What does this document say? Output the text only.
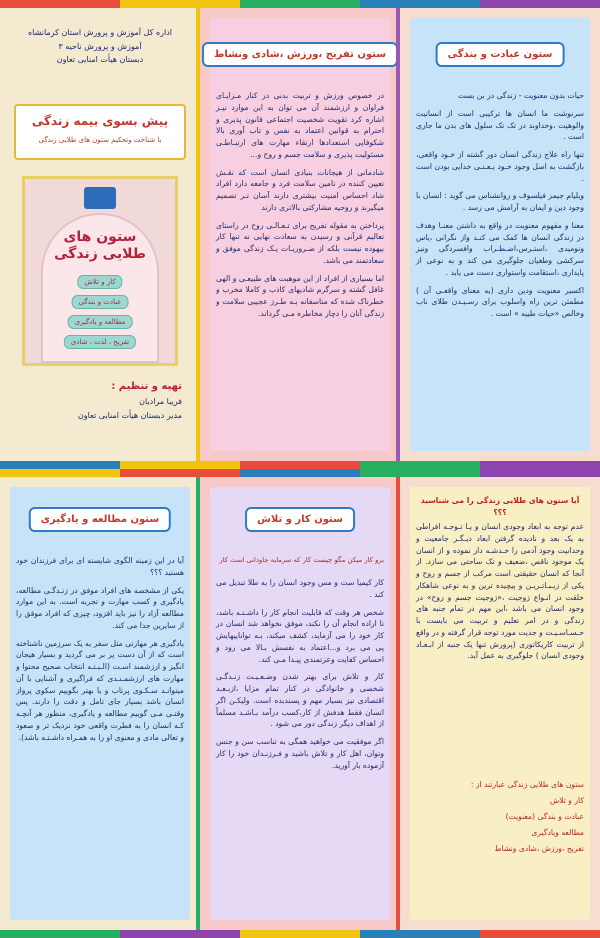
اداره کل آموزش و پرورش استان کرمانشاه
آموزش و پرورش ناحیه ۳
دبستان هیأت امنایی تعاون
پیش بسوی بیمه زندگی
با شناخت وتحکیم ستون های طلایی زندگی
ستون های
طلایی زندگی
کار و تلاش
عبادت و بندگی
مطالعه و یادگیری
تفریح ، لذت ، شادی
تهیه و تنظیم :
فریبا مرادیان
مدیر دبستان هیأت امنایی تعاون
ستون تفریح ،ورزش ،شادی ونشاط

در خصوص ورزش و تربیت بدنی در کنار مـزایـای فراوان و ارزشمند آن می توان به این موارد نیـز اشاره کرد تقویت شخصیت اجتماعی قانون پذیری و احترام به قوانین اعتماد به نفس و تاب آوری بالا شکوفایی استعدادها ارتقاء مهارت های ارتبـاطـی مسئولیت پذیری و سلامت جسم و روح و...

شادمانی از هیجانات بنیادی انسان است که نقـش تعیین کننده در تامین سلامت فرد و جامعه دارد افراد شاد احساس امنیت بیشتری دارند آسان تـر تصمیم میگیرند و روحیه مشارکتی بالاتری دارند

پرداختن به مقوله تفریح برای تـعـالـی روح در راستای تعالیم قرآنی و رسیدن به سعادت نهایی نه تنها کار بیهوده نیست بلکه از ضـروریـات یـک زندگی موفق و سعادتمند می باشد.

اما بسیاری از افراد از این موهبت های طبیعـی و الهی غافل گشته و سرگرم شادیهای کاذب و کاملا مخرب و خطرناک شده که متاسفانه بـه طـرز عجیبی سلامت و زندگی آنان را دچار مخاطره مـی گرداند.

ستون عبادت و بندگی

حیات بدون معنویت - زندگی در بن بست

سرنوشت ما انسان ها ترکیبی است از انسانیت والوهیت ،وخداوند در تک تک سلول های بدن ما جاری است .

تنها راه علاج زندگی انسان دور گشته از خـود واقعی، بازگشت به اصل وجود خـود یـعـنـی خدایی بودن است .

ویلیام جیمز فیلسوف و روانشناس می گوید : انسان با وجود دین و ایمان به آرامش می رسد .

معنا و مفهوم معنویت در واقع به داشتن معنـا وهدف در زندگی انسان ها کمک می کنـد واز نگرانی ،یاس ونومیدی ،استـرس،اضـطـراب وافسردگی ونیز سرکشی وطغیان جلوگیری می کند و به نوعی از پایداری ،استقامت واستواری دست می یابد .

اکسیر معنویت ودین داری (به معنای واقعـی آن ) مطمئن ترین راه واسلوب برای رسـیـدن طلای ناب وخالص «حیات طیبه » است .

ستون مطالعه و یادگیری

آیا در این زمینه الگوی شایسته ای برای فرزندان خود هستید ؟؟؟

یکی از مشخصه های افراد موفق در زنـدگـی مطالعه، یادگیری و کسب مهارت و تجربه است. به این موارد مطالعه آزاد را نیز باید افزود، چیزی که افراد موفق را از سایرین جدا می کند.

یادگیری هر مهارتی مثل سفر به یک سرزمین ناشناخته است که از آن دست پر بر می گردید و بسیار هیجان انگیز و ارزشمند اسـت (الـبـتـه انتخاب صحیح محتوا و مهارت های ارزشمـنـدی که فراگیری و آشنایی با آن میتوانـد سـکـوی پرتاب و یا بهتر بگوییم سکوی پرواز انسان باشد بسیار جای تامل و دقت را دارند. پس وقتـی مـی گوییم مطالعه و یادگیری، منظور هر آنچـه کـه انسان را به فطرت واقعی خود نزدیک تر و صعود و تعالی مادی و معنوی او را به همـراه داشـتـه باشد).

ستون کار و تلاش
برو کار میکن مگو چیست کار که سرمایه جاودانی است کار

کار کیمیا ست و مس وجود انسان را به طلا تبدیل می کند .

شخص هر وقت که قابلیت انجام کار را داشـتـه باشد، تا اراده انجام آن را نکند، موفق نخواهد شد انسان در کار خود را می آزماید، کشف میکند، بـه تواناییهایش پی می برد و...اعتماد به نفسش بـالا می رود و احساس کفایت وعزتمندی پیـدا مـی کند.

کار و تلاش برای بهتر شدن وضـعـیـت زنـدگـی شخصی و خانوادگی در کنار تمام مزایا ،ازبـعـد اقتصادی نیز بسیار مهم و پسندیده است. ولیکـن اگر انسان فقط هدفش از کار،کسب درآمد بـاشـد مسلماً از اهداف دیگر زندگی دور می شود .

اگر موفقیت می خواهید همگی به تناسب سن و جنس وتوان، اهل کار و تلاش باشید و فـرزنـدان خود را کار آزموده بار آورید.

آیا ستون های طلایی زندگی را می شناسید ؟؟؟

عدم توجه به ابعاد وجودی انسان و یـا تـوجـه افراطی به یک بعد و نادیده گرفتن ابعاد دیـگـر جامعیت و وحدانیت وجود آدمی را خـدشـه دار نموده و از انسان یک موجود ناقص ،ضعیف و تک ساحتی می سازد. از آنجا که انسان حقیقتی است مرکب از جسم و روح و یکی از زیـبـاتـریـن و پیچیده ترین و به نوعی شاهکار خلقت در انـواع زوجیت ،«زوجیت جسم و روح» در وجود انسان می باشد ،این مهم در تمام جنبه های زندگی و در امر تعلیم و تربیت می بایست با حـسـاسـیـت و جدیت مورد توجه قرار گرفته و در واقع از تربیت کاریکاتوری (پرورش تنها یک جنبه از ابـعـاد وجودی انسان ) جلوگیری به عمل آید.

ستون های طلایی زندگی عبارتند از :
کار و تلاش
عبادت و بندگی (معنویت)
مطالعه ویادگیری
تفریح ،ورزش ،شادی ونشاط
